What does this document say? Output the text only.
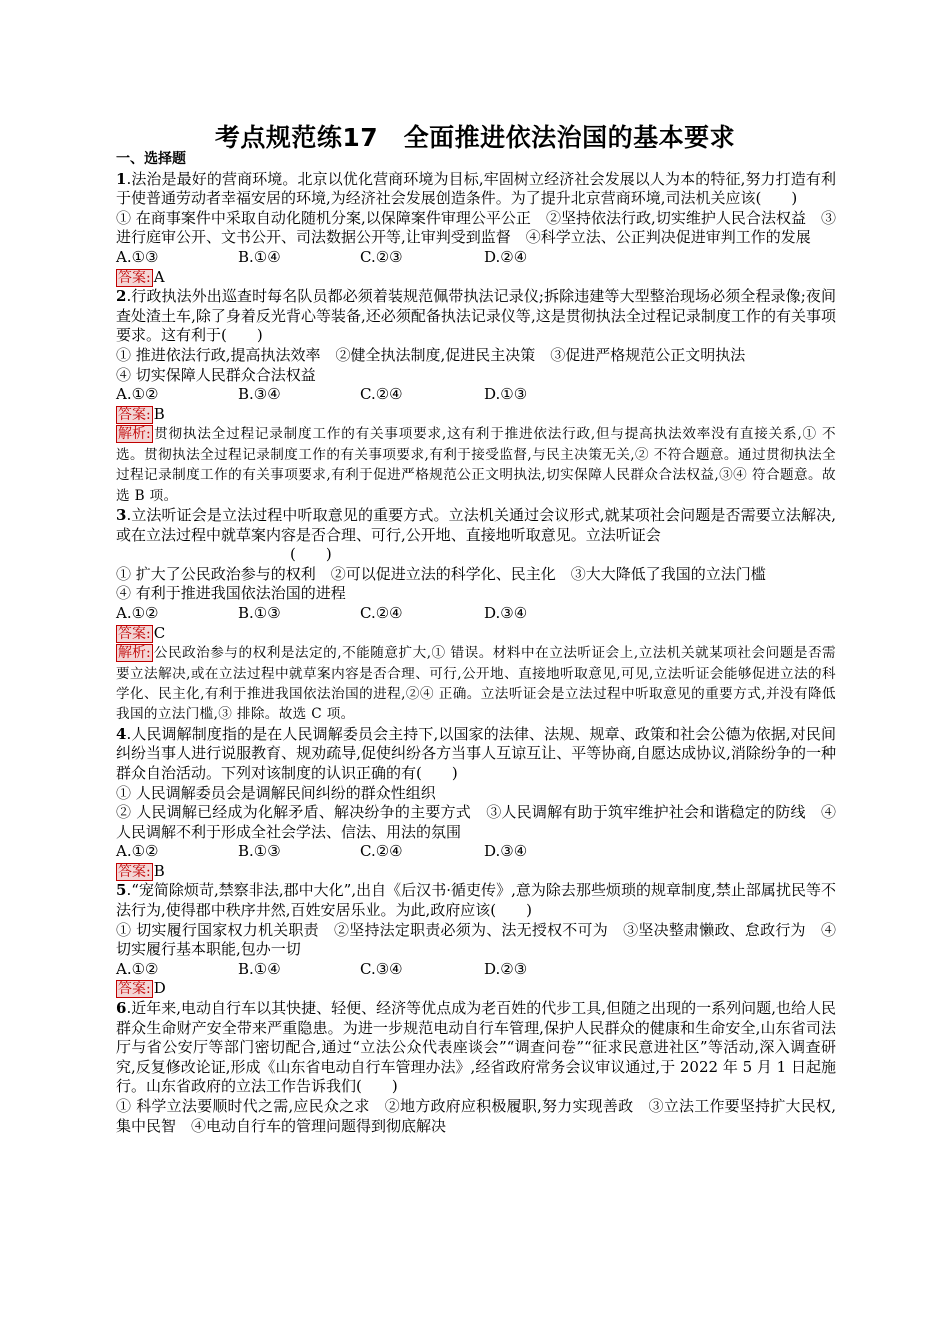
考点规范练17　全面推进依法治国的基本要求
一、选择题
1.法治是最好的营商环境。北京以优化营商环境为目标,牢固树立经济社会发展以人为本的特征,努力打造有利于使普通劳动者幸福安居的环境,为经济社会发展创造条件。为了提升北京营商环境,司法机关应该(　　)
① 在商事案件中采取自动化随机分案,以保障案件审理公平公正　②坚持依法行政,切实维护人民合法权益　③进行庭审公开、文书公开、司法数据公开等,让审判受到监督　④科学立法、公正判决促进审判工作的发展
A.①③	B.①④	C.②③	D.②④
答案: A
2.行政执法外出巡查时每名队员都必须着装规范佩带执法记录仪;拆除违建等大型整治现场必须全程录像;夜间查处渣土车,除了身着反光背心等装备,还必须配备执法记录仪等,这是贯彻执法全过程记录制度工作的有关事项要求。这有利于(　　)
① 推进依法行政,提高执法效率　②健全执法制度,促进民主决策　③促进严格规范公正文明执法
④ 切实保障人民群众合法权益
A.①②	B.③④	C.②④	D.①③
答案: B
解析: 贯彻执法全过程记录制度工作的有关事项要求,这有利于推进依法行政,但与提高执法效率没有直接关系,① 不选。贯彻执法全过程记录制度工作的有关事项要求,有利于接受监督,与民主决策无关,② 不符合题意。通过贯彻执法全过程记录制度工作的有关事项要求,有利于促进严格规范公正文明执法,切实保障人民群众合法权益,③④ 符合题意。故选 B 项。
3.立法听证会是立法过程中听取意见的重要方式。立法机关通过会议形式,就某项社会问题是否需要立法解决,或在立法过程中就草案内容是否合理、可行,公开地、直接地听取意见。立法听证会
(　　)
① 扩大了公民政治参与的权利　②可以促进立法的科学化、民主化　③大大降低了我国的立法门槛
④ 有利于推进我国依法治国的进程
A.①②	B.①③	C.②④	D.③④
答案: C
解析: 公民政治参与的权利是法定的,不能随意扩大,① 错误。材料中在立法听证会上,立法机关就某项社会问题是否需要立法解决,或在立法过程中就草案内容是否合理、可行,公开地、直接地听取意见,可见,立法听证会能够促进立法的科学化、民主化,有利于推进我国依法治国的进程,②④ 正确。立法听证会是立法过程中听取意见的重要方式,并没有降低我国的立法门槛,③ 排除。故选 C 项。
4.人民调解制度指的是在人民调解委员会主持下,以国家的法律、法规、规章、政策和社会公德为依据,对民间纠纷当事人进行说服教育、规劝疏导,促使纠纷各方当事人互谅互让、平等协商,自愿达成协议,消除纷争的一种群众自治活动。下列对该制度的认识正确的有(　　)
① 人民调解委员会是调解民间纠纷的群众性组织
② 人民调解已经成为化解矛盾、解决纷争的主要方式　③人民调解有助于筑牢维护社会和谐稳定的防线　④人民调解不利于形成全社会学法、信法、用法的氛围
A.①②	B.①③	C.②④	D.③④
答案: B
5.“宠简除烦苛,禁察非法,郡中大化”,出自《后汉书·循吏传》,意为除去那些烦琐的规章制度,禁止部属扰民等不法行为,使得郡中秩序井然,百姓安居乐业。为此,政府应该(　　)
① 切实履行国家权力机关职责　②坚持法定职责必须为、法无授权不可为　③坚决整肃懒政、怠政行为　④切实履行基本职能,包办一切
A.①②	B.①④	C.③④	D.②③
答案: D
6.近年来,电动自行车以其快捷、轻便、经济等优点成为老百姓的代步工具,但随之出现的一系列问题,也给人民群众生命财产安全带来严重隐患。为进一步规范电动自行车管理,保护人民群众的健康和生命安全,山东省司法厅与省公安厅等部门密切配合,通过“立法公众代表座谈会”“调查问卷”“征求民意进社区”等活动,深入调查研究,反复修改论证,形成《山东省电动自行车管理办法》,经省政府常务会议审议通过,于 2022 年 5 月 1 日起施行。山东省政府的立法工作告诉我们(　　)
① 科学立法要顺时代之需,应民众之求　②地方政府应积极履职,努力实现善政　③立法工作要坚持扩大民权,集中民智　④电动自行车的管理问题得到彻底解决
